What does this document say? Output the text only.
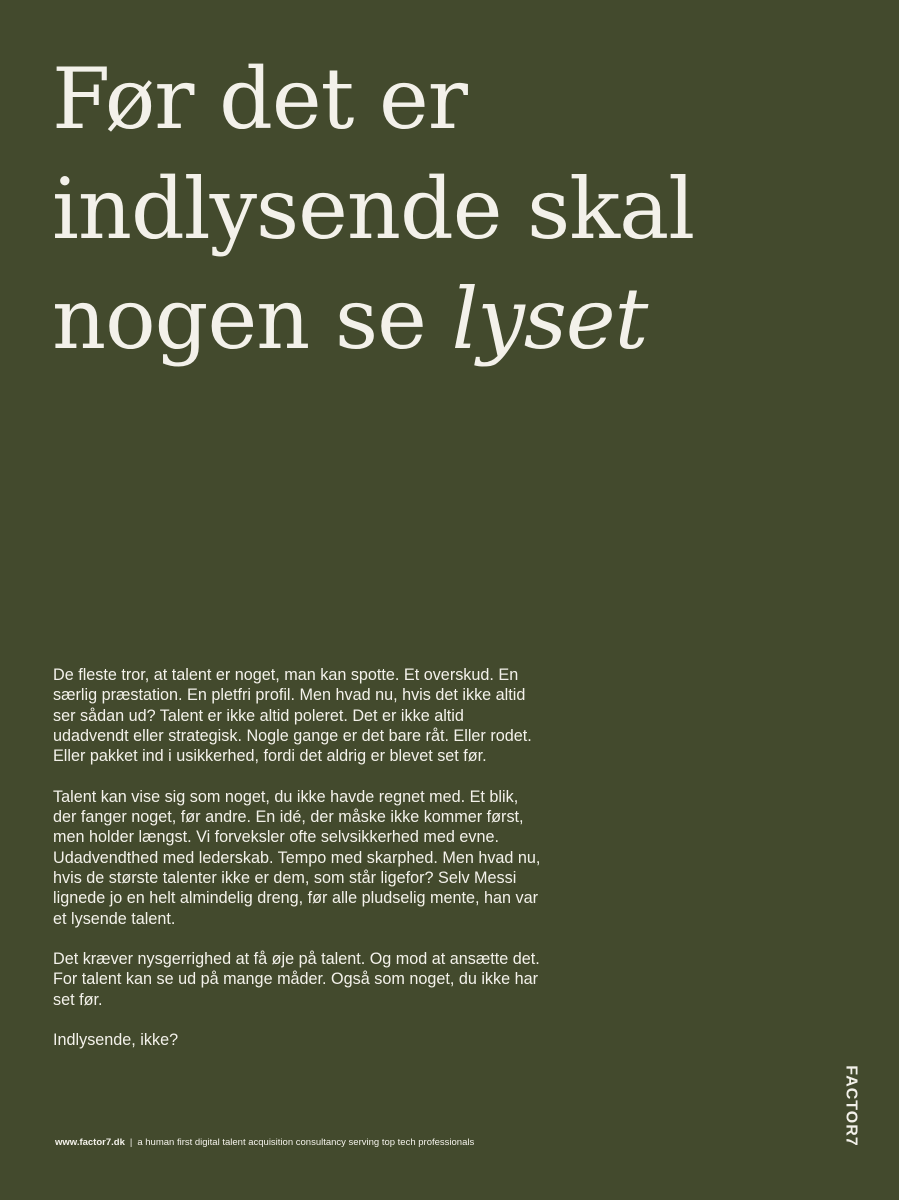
Før det er
indlysende skal
nogen se lyset

De fleste tror, at talent er noget, man kan spotte. Et overskud. En særlig præstation. En pletfri profil. Men hvad nu, hvis det ikke altid ser sådan ud? Talent er ikke altid poleret. Det er ikke altid udadvendt eller strategisk. Nogle gange er det bare råt. Eller rodet. Eller pakket ind i usikkerhed, fordi det aldrig er blevet set før.

Talent kan vise sig som noget, du ikke havde regnet med. Et blik, der fanger noget, før andre. En idé, der måske ikke kommer først, men holder længst. Vi forveksler ofte selvsikkerhed med evne. Udadvendthed med lederskab. Tempo med skarphed. Men hvad nu, hvis de største talenter ikke er dem, som står ligefor? Selv Messi lignede jo en helt almindelig dreng, før alle pludselig mente, han var et lysende talent.

Det kræver nysgerrighed at få øje på talent. Og mod at ansætte det. For talent kan se ud på mange måder. Også som noget, du ikke har set før.

Indlysende, ikke?

www.factor7.dk | a human first digital talent acquisition consultancy serving top tech professionals	FACTOR7
